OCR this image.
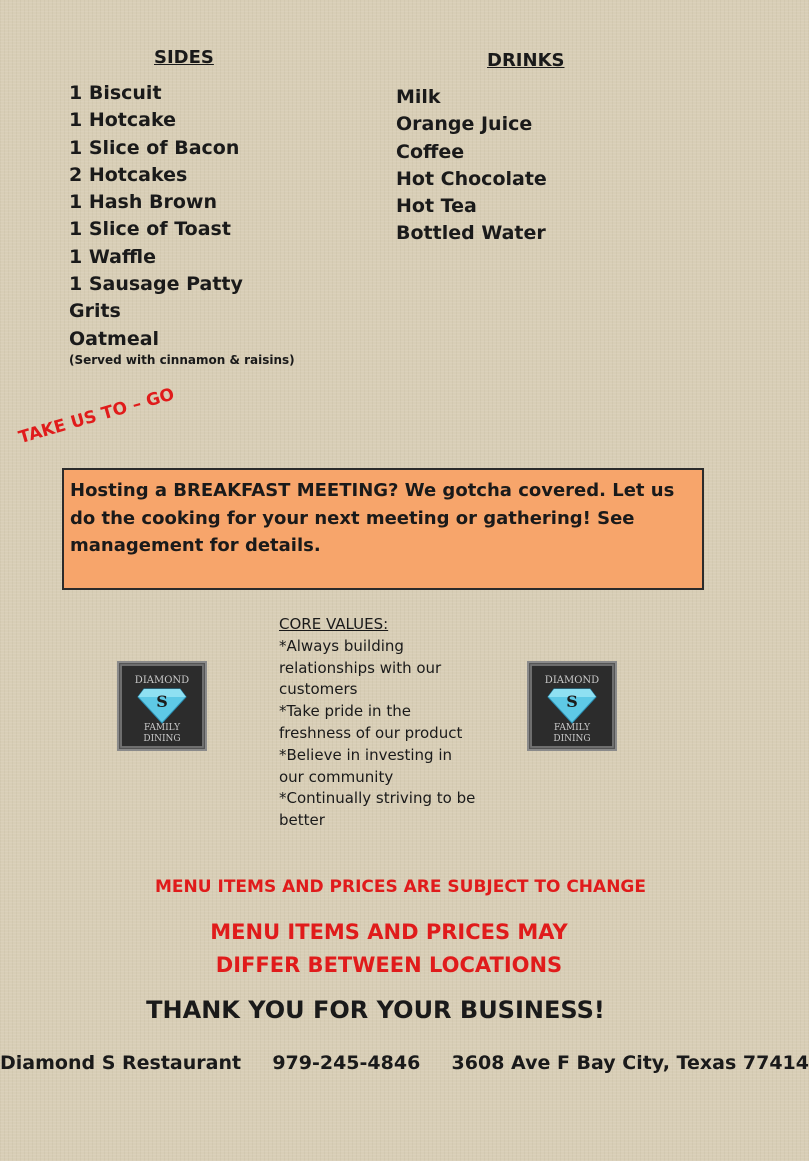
SIDES
1 Biscuit
1 Hotcake
1 Slice of Bacon
2 Hotcakes
1 Hash Brown
1 Slice of Toast
1 Waffle
1 Sausage Patty
Grits
Oatmeal
(Served with cinnamon & raisins)
DRINKS
Milk
Orange Juice
Coffee
Hot Chocolate
Hot Tea
Bottled Water
TAKE US TO – GO
Hosting a BREAKFAST MEETING? We gotcha covered. Let us do the cooking for your next meeting or gathering! See management for details.
DIAMOND
S
FAMILY
DINING
CORE VALUES:
*Always building
relationships with our
customers
*Take pride in the
freshness of our product
*Believe in investing in
our community
*Continually striving to be
better
DIAMOND
S
FAMILY
DINING
MENU ITEMS AND PRICES ARE SUBJECT TO CHANGE
MENU ITEMS AND PRICES MAY
DIFFER BETWEEN LOCATIONS
THANK YOU FOR YOUR BUSINESS!
Diamond S Restaurant 979-245-4846 3608 Ave F Bay City, Texas 77414
